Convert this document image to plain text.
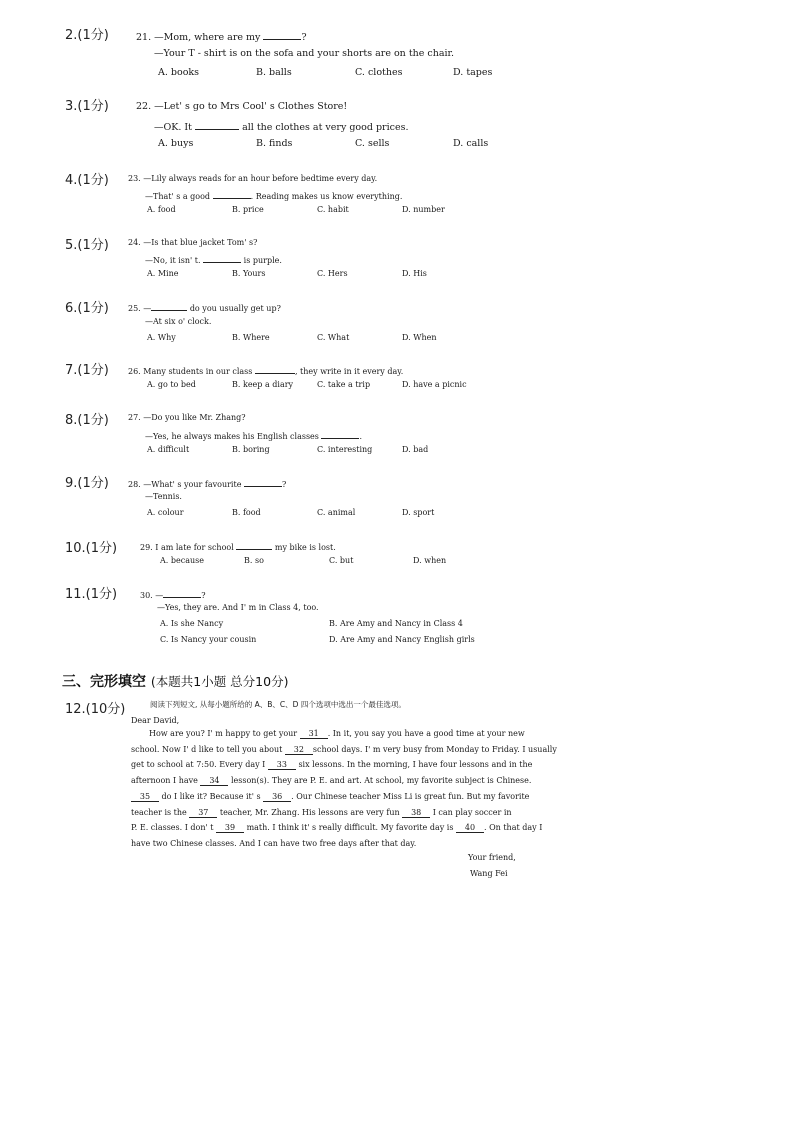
2.(1分)	21. —Mom, where are my	?
—Your T - shirt is on the sofa and your shorts are on the chair.
A. books	B. balls	C. clothes	D. tapes
3.(1分)	22. —Let' s go to Mrs Cool' s Clothes Store!
—OK. It	all the clothes at very good prices.
A. buys	B. finds	C. sells	D. calls
4.(1分) 23. —Lily always reads for an hour before bedtime every day.
—That' s a good	. Reading makes us know everything.
A. food	B. price	C. habit	D. number
5.(1分) 24. —Is that blue jacket Tom' s?
—No, it isn' t.	is purple.
A. Mine	B. Yours	C. Hers	D. His
6.(1分) 25. —	do you usually get up?
—At six o' clock.
A. Why	B. Where	C. What	D. When
7.(1分) 26. Many students in our class	, they write in it every day.
A. go to bed	B. keep a diary	C. take a trip	D. have a picnic
8.(1分) 27. —Do you like Mr. Zhang?
—Yes, he always makes his English classes	.
A. difficult	B. boring	C. interesting	D. bad
9.(1分) 28. —What' s your favourite	?
—Tennis.
A. colour	B. food	C. animal	D. sport
10.(1分)	29. I am late for school	my bike is lost.
A. because	B. so	C. but	D. when
11.(1分)	30. —	?
—Yes, they are. And I' m in Class 4, too.
A. Is she Nancy	B. Are Amy and Nancy in Class 4
C. Is Nancy your cousin	D. Are Amy and Nancy English girls
三、完形填空 (本题共1小题 总分10分)
12.(10分)	阅读下列短文, 从每小题所给的 A、B、C、D 四个选项中选出一个最佳选项。
Dear David,
How are you? I' m happy to get your 31 . In it, you say you have a good time at your new
school. Now I' d like to tell you about 32 school days. I' m very busy from Monday to Friday. I usually
get to school at 7:50. Every day I 33 six lessons. In the morning, I have four lessons and in the
afternoon I have 34 lesson(s). They are P. E. and art. At school, my favorite subject is Chinese.
35 do I like it? Because it' s 36 . Our Chinese teacher Miss Li is great fun. But my favorite
teacher is the 37 teacher, Mr. Zhang. His lessons are very fun 38 I can play soccer in
P. E. classes. I don' t 39 math. I think it' s really difficult. My favorite day is 40 . On that day I
have two Chinese classes. And I can have two free days after that day.
Your friend,
Wang Fei
